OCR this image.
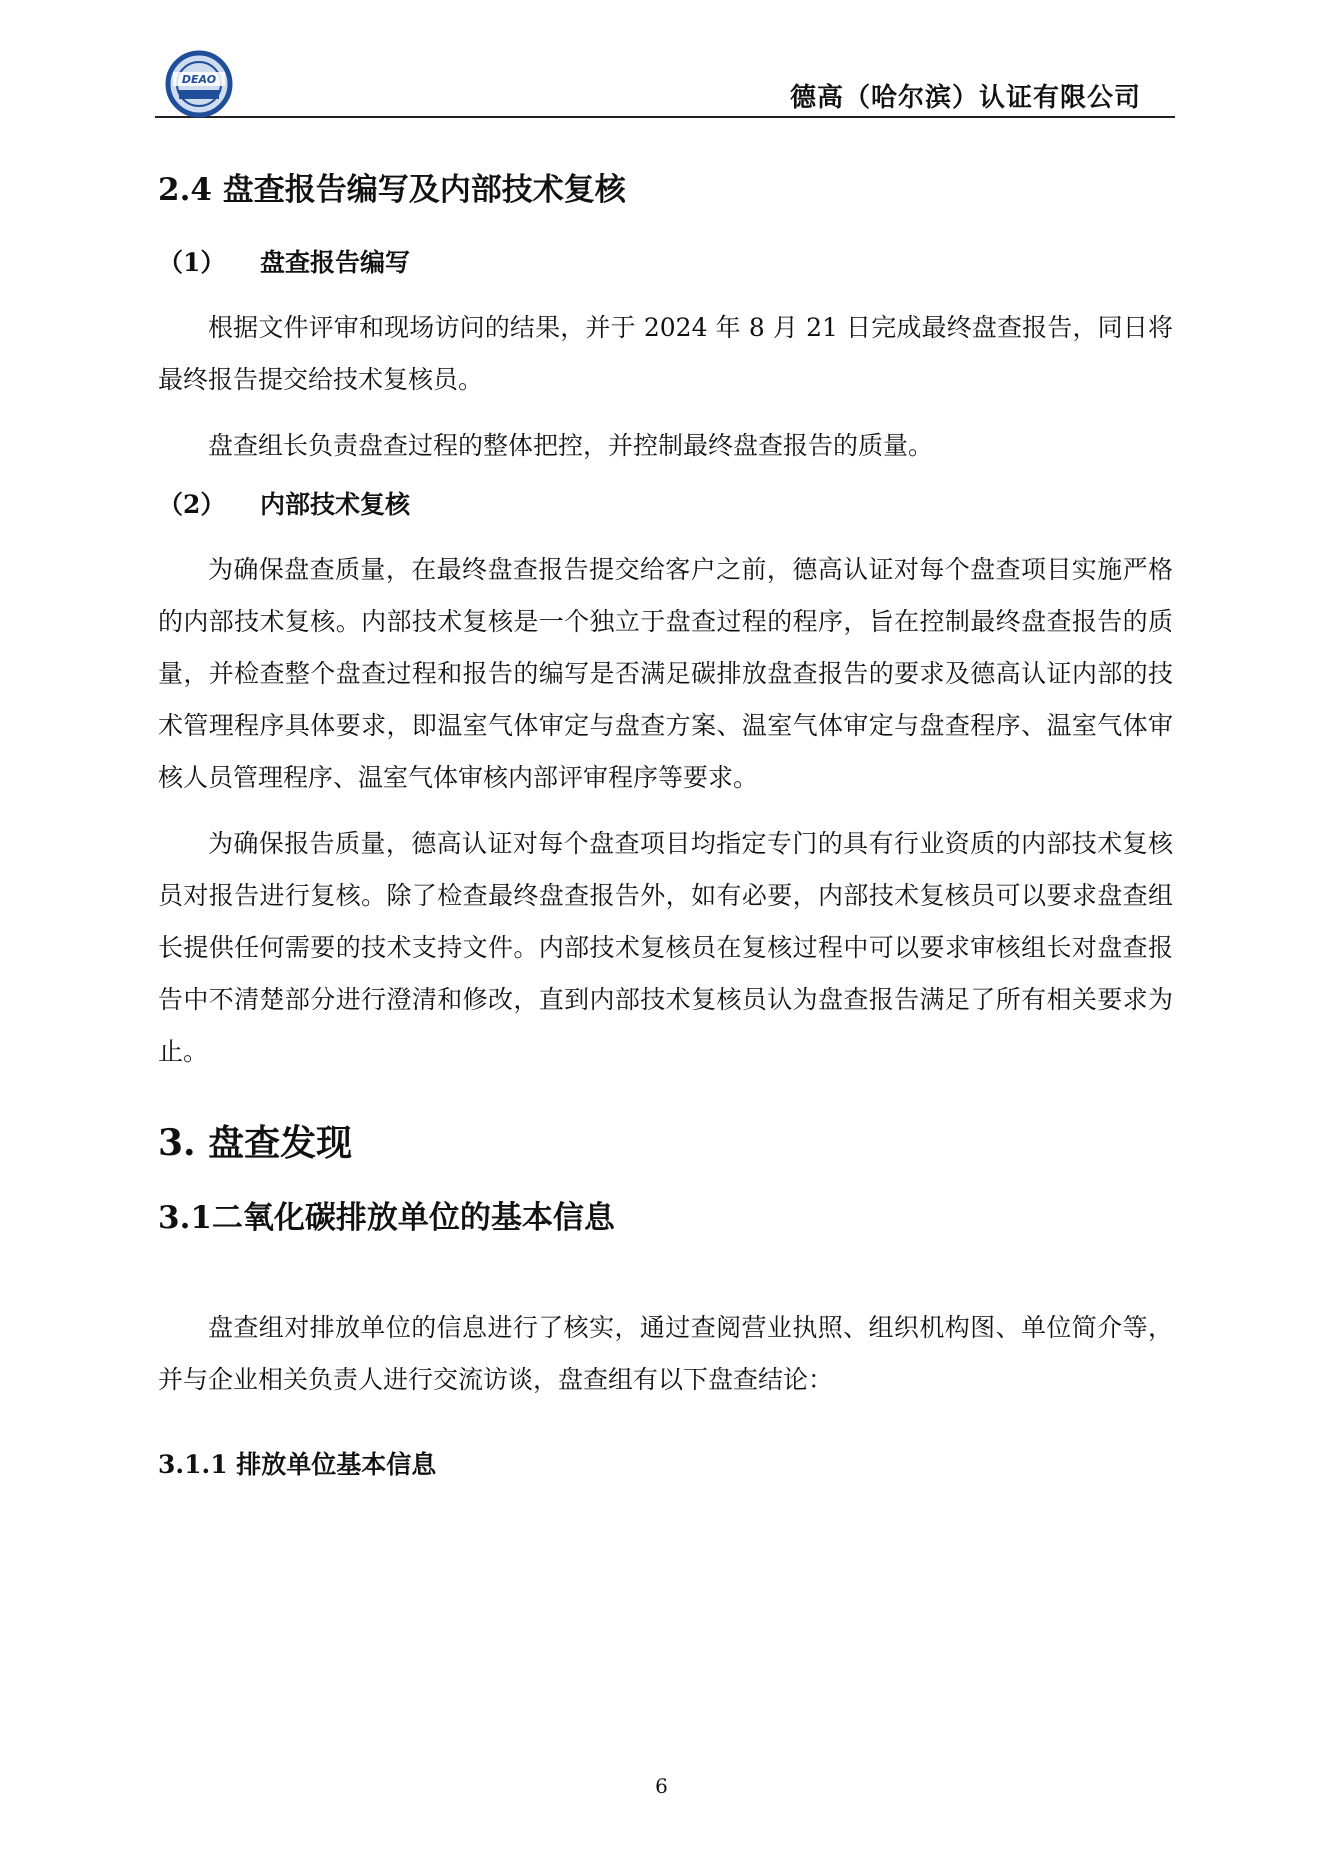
DEAO
德高（哈尔滨）认证有限公司
2.4 盘查报告编写及内部技术复核
（1） 盘查报告编写

根据文件评审和现场访问的结果，并于 2024 年 8 月 21 日完成最终盘查报告，同日将最终报告提交给技术复核员。

盘查组长负责盘查过程的整体把控，并控制最终盘查报告的质量。

（2） 内部技术复核

为确保盘查质量，在最终盘查报告提交给客户之前，德高认证对每个盘查项目实施严格的内部技术复核。内部技术复核是一个独立于盘查过程的程序，旨在控制最终盘查报告的质量，并检查整个盘查过程和报告的编写是否满足碳排放盘查报告的要求及德高认证内部的技术管理程序具体要求，即温室气体审定与盘查方案、温室气体审定与盘查程序、温室气体审核人员管理程序、温室气体审核内部评审程序等要求。

为确保报告质量，德高认证对每个盘查项目均指定专门的具有行业资质的内部技术复核员对报告进行复核。除了检查最终盘查报告外，如有必要，内部技术复核员可以要求盘查组长提供任何需要的技术支持文件。内部技术复核员在复核过程中可以要求审核组长对盘查报告中不清楚部分进行澄清和修改，直到内部技术复核员认为盘查报告满足了所有相关要求为止。

3. 盘查发现
3.1二氧化碳排放单位的基本信息

盘查组对排放单位的信息进行了核实，通过查阅营业执照、组织机构图、单位简介等，并与企业相关负责人进行交流访谈，盘查组有以下盘查结论：

3.1.1 排放单位基本信息
6
